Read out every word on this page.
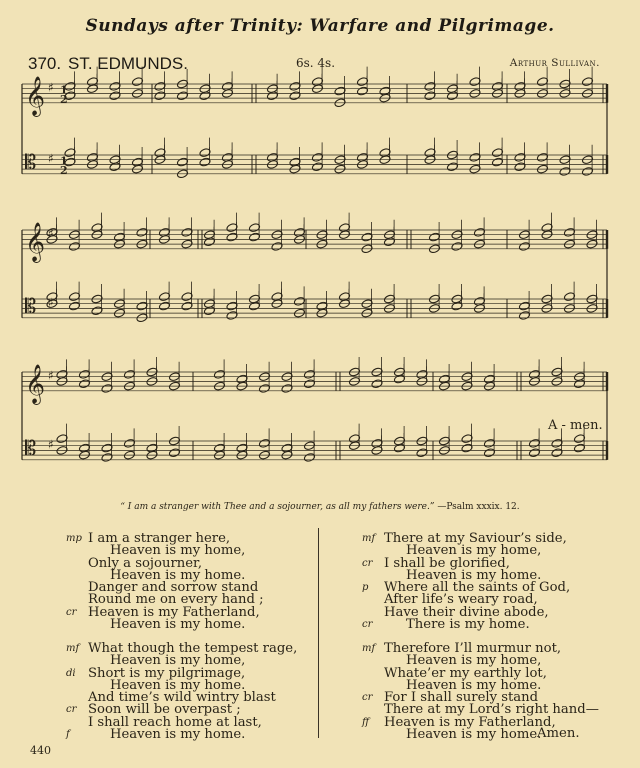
Sundays after Trinity: Warfare and Pilgrimage.
370. ST. EDMUNDS.	6s. 4s.	Arthur Sullivan.
𝄞 ♯ 1
2
𝄡 ♯ 1
2
𝄞 ♯
𝄡 ♯
𝄞 ♯
𝄡 ♯
A - men.
“ I am a stranger with Thee and a sojourner, as all my fathers were.” —Psalm xxxix. 12.
mp I am a stranger here,
Heaven is my home,
Only a sojourner,
Heaven is my home.
Danger and sorrow stand
Round me on every hand ;
cr Heaven is my Fatherland,
Heaven is my home.
mf What though the tempest rage,
Heaven is my home,
di Short is my pilgrimage,
Heaven is my home.
And time’s wild wintry blast
cr Soon will be overpast ;
I shall reach home at last,
f	Heaven is my home.
mf There at my Saviour’s side,
Heaven is my home,
cr I shall be glorified,
Heaven is my home.
p	Where all the saints of God,
After life’s weary road,
Have their divine abode,
cr	There is my home.
mf Therefore I’ll murmur not,
Heaven is my home,
Whate’er my earthly lot,
Heaven is my home.
cr For I shall surely stand
There at my Lord’s right hand—
ff	Heaven is my Fatherland,
Heaven is my home.
Amen.
440
